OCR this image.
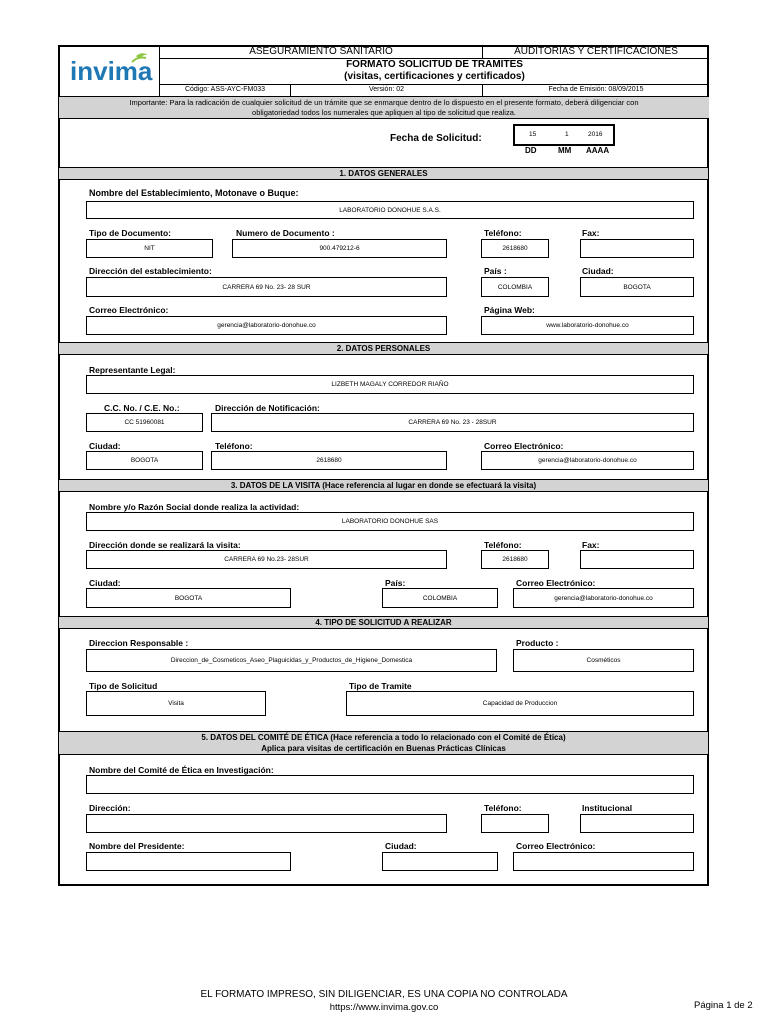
invima
ASEGURAMIENTO SANITARIO	AUDITORIAS Y CERTIFICACIONES
FORMATO SOLICITUD DE TRAMITES
(visitas, certificaciones y certificados)
Código: ASS-AYC-FM033	Versión: 02	Fecha de Emisión: 08/09/2015
Importante: Para la radicación de cualquier solicitud de un trámite que se enmarque dentro de lo dispuesto en el presente formato, deberá diligenciar con
obligatoriedad todos los numerales que apliquen al tipo de solicitud que realiza.
Fecha de Solicitud:	15	1	2016
DD	MM AAAA
1. DATOS GENERALES
Nombre del Establecimiento, Motonave o Buque:
LABORATORIO DONOHUE S.A.S.
Tipo de Documento:	Numero de Documento :	Teléfono:	Fax:
NIT	900.479212-6	2618680
Dirección del establecimiento:	País :	Ciudad:
CARRERA 69 No. 23- 28 SUR	COLOMBIA	BOGOTA
Correo Electrónico:	Página Web:
gerencia@laboratorio-donohue.co	www.laboratorio-donohue.co
2. DATOS PERSONALES
Representante Legal:
LIZBETH MAGALY CORREDOR RIAÑO
C.C. No. / C.E. No.:	Dirección de Notificación:
CC 51960081	CARRERA 69 No. 23 - 28SUR
Ciudad:	Teléfono:	Correo Electrónico:
BOGOTA	2618680	gerencia@laboratorio-donohue.co
3. DATOS DE LA VISITA (Hace referencia al lugar en donde se efectuará la visita)
Nombre y/o Razón Social donde realiza la actividad:
LABORATORIO DONOHUE SAS
Dirección donde se realizará la visita:	Teléfono:	Fax:
CARRERA 69 No.23- 28SUR	2618680
Ciudad:	País:	Correo Electrónico:
BOGOTA	COLOMBIA	gerencia@laboratorio-donohue.co
4. TIPO DE SOLICITUD A REALIZAR
Direccion Responsable :	Producto :
Direccion_de_Cosmeticos_Aseo_Plaguicidas_y_Productos_de_Higiene_Domestica	Cosméticos
Tipo de Solicitud	Tipo de Tramite
Visita	Capacidad de Produccion
5. DATOS DEL COMITÉ DE ÉTICA (Hace referencia a todo lo relacionado con el Comité de Ética)
Aplica para visitas de certificación en Buenas Prácticas Clínicas
Nombre del Comité de Ética en Investigación:
Dirección:	Teléfono:	Institucional
Nombre del Presidente:	Ciudad:	Correo Electrónico:
EL FORMATO IMPRESO, SIN DILIGENCIAR, ES UNA COPIA NO CONTROLADA
https://www.invima.gov.co	Página 1 de 2
